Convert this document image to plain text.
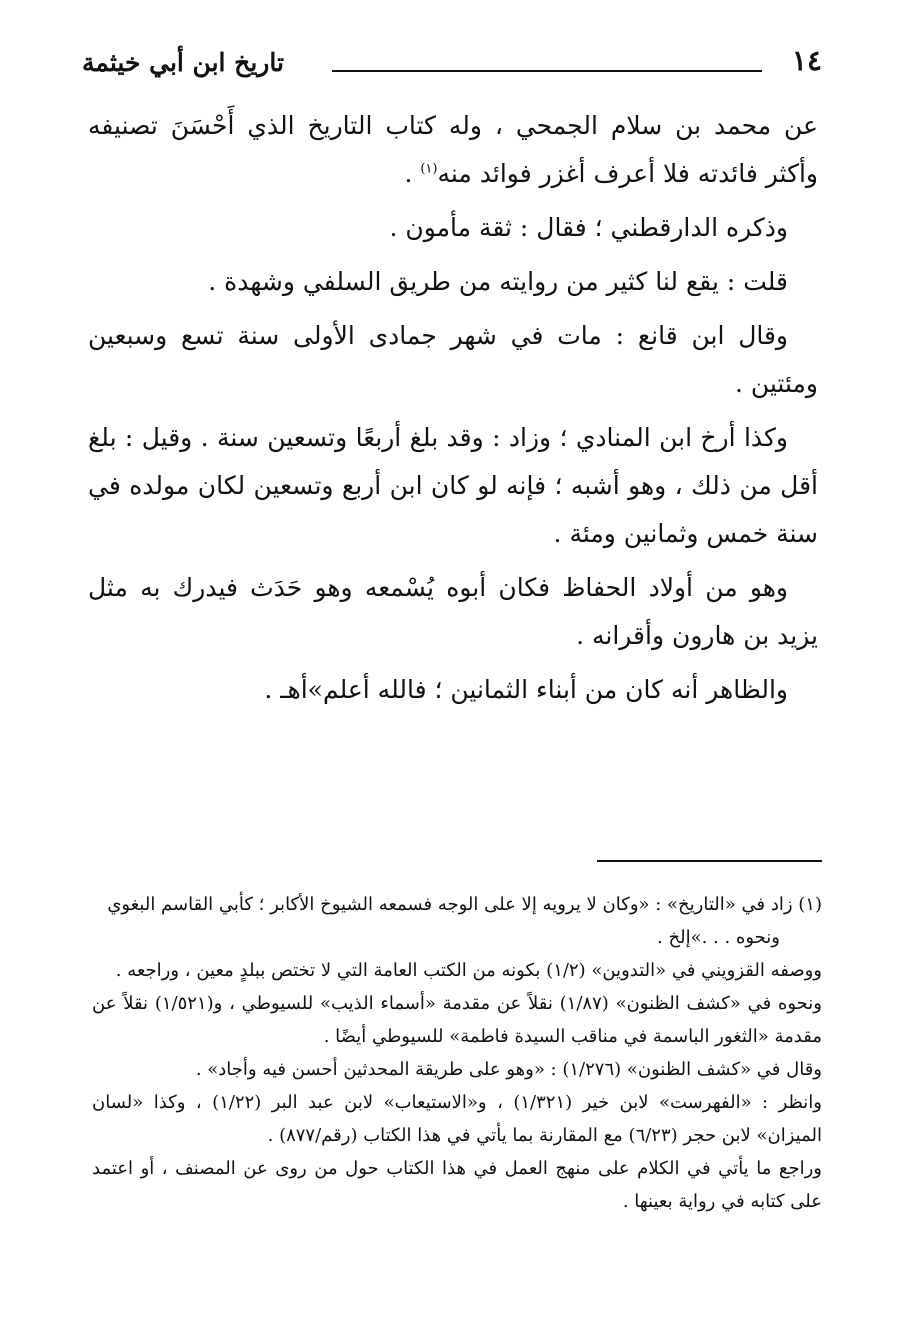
١٤
تاريخ ابن أبي خيثمة

عن محمد بن سلام الجمحي ، وله كتاب التاريخ الذي أَحْسَنَ تصنيفه وأكثر فائدته فلا أعرف أغزر فوائد منه$^{(١)}$ .

وذكره الدارقطني ؛ فقال : ثقة مأمون .

قلت : يقع لنا كثير من روايته من طريق السلفي وشهدة .

وقال ابن قانع : مات في شهر جمادى الأولى سنة تسع وسبعين ومئتين .

وكذا أرخ ابن المنادي ؛ وزاد : وقد بلغ أربعًا وتسعين سنة . وقيل : بلغ أقل من ذلك ، وهو أشبه ؛ فإنه لو كان ابن أربع وتسعين لكان مولده في سنة خمس وثمانين ومئة .

وهو من أولاد الحفاظ فكان أبوه يُسْمعه وهو حَدَث فيدرك به مثل يزيد بن هارون وأقرانه .

والظاهر أنه كان من أبناء الثمانين ؛ فالله أعلم»أهـ .

(١) زاد في «التاريخ» : «وكان لا يرويه إلا على الوجه فسمعه الشيوخ الأكابر ؛ كأبي القاسم البغوي

ونحوه . . .»إلخ .

ووصفه القزويني في «التدوين» (١/٢) بكونه من الكتب العامة التي لا تختص ببلدٍ معين ، وراجعه .

ونحوه في «كشف الظنون» (١/٨٧) نقلاً عن مقدمة «أسماء الذيب» للسيوطي ، و(١/٥٢١) نقلاً عن مقدمة «الثغور الباسمة في مناقب السيدة فاطمة» للسيوطي أيضًا .

وقال في «كشف الظنون» (١/٢٧٦) : «وهو على طريقة المحدثين أحسن فيه وأجاد» .

وانظر : «الفهرست» لابن خير (١/٣٢١) ، و«الاستيعاب» لابن عبد البر (١/٢٢) ، وكذا «لسان الميزان» لابن حجر (٦/٢٣) مع المقارنة بما يأتي في هذا الكتاب (رقم/٨٧٧) .

وراجع ما يأتي في الكلام على منهج العمل في هذا الكتاب حول من روى عن المصنف ، أو اعتمد على كتابه في رواية بعينها .
